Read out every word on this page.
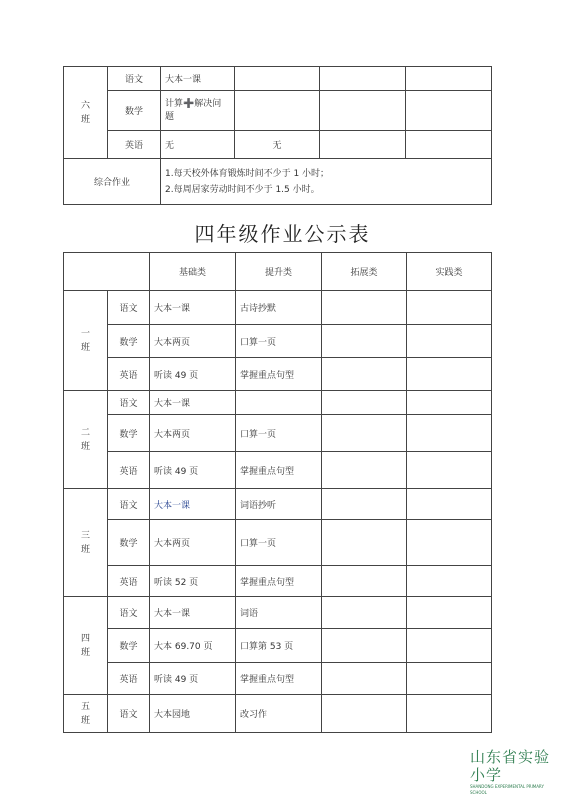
六
班	语文	大本一课			
	数学	计算➕解决问题			
	英语	无	无		
综合作业		1.每天校外体育锻炼时间不少于 1 小时；
2.每周居家劳动时间不少于 1.5 小时。			
四年级作业公示表
		基础类	提升类	拓展类	实践类
一
班	语文	大本一课	古诗抄默		
	数学	大本两页	口算一页		
	英语	听读 49 页	掌握重点句型		
二
班	语文	大本一课			
	数学	大本两页	口算一页		
	英语	听读 49 页	掌握重点句型		
三
班	语文	大本一课	词语抄听		
	数学	大本两页	口算一页		
	英语	听读 52 页	掌握重点句型		
四
班	语文	大本一课	词语		
	数学	大本 69.70 页	口算第 53 页		
	英语	听读 49 页	掌握重点句型		
五
班	语文	大本园地	改习作		
山东省实验小学
SHANDONG EXPERIMENTAL PRIMARY SCHOOL
